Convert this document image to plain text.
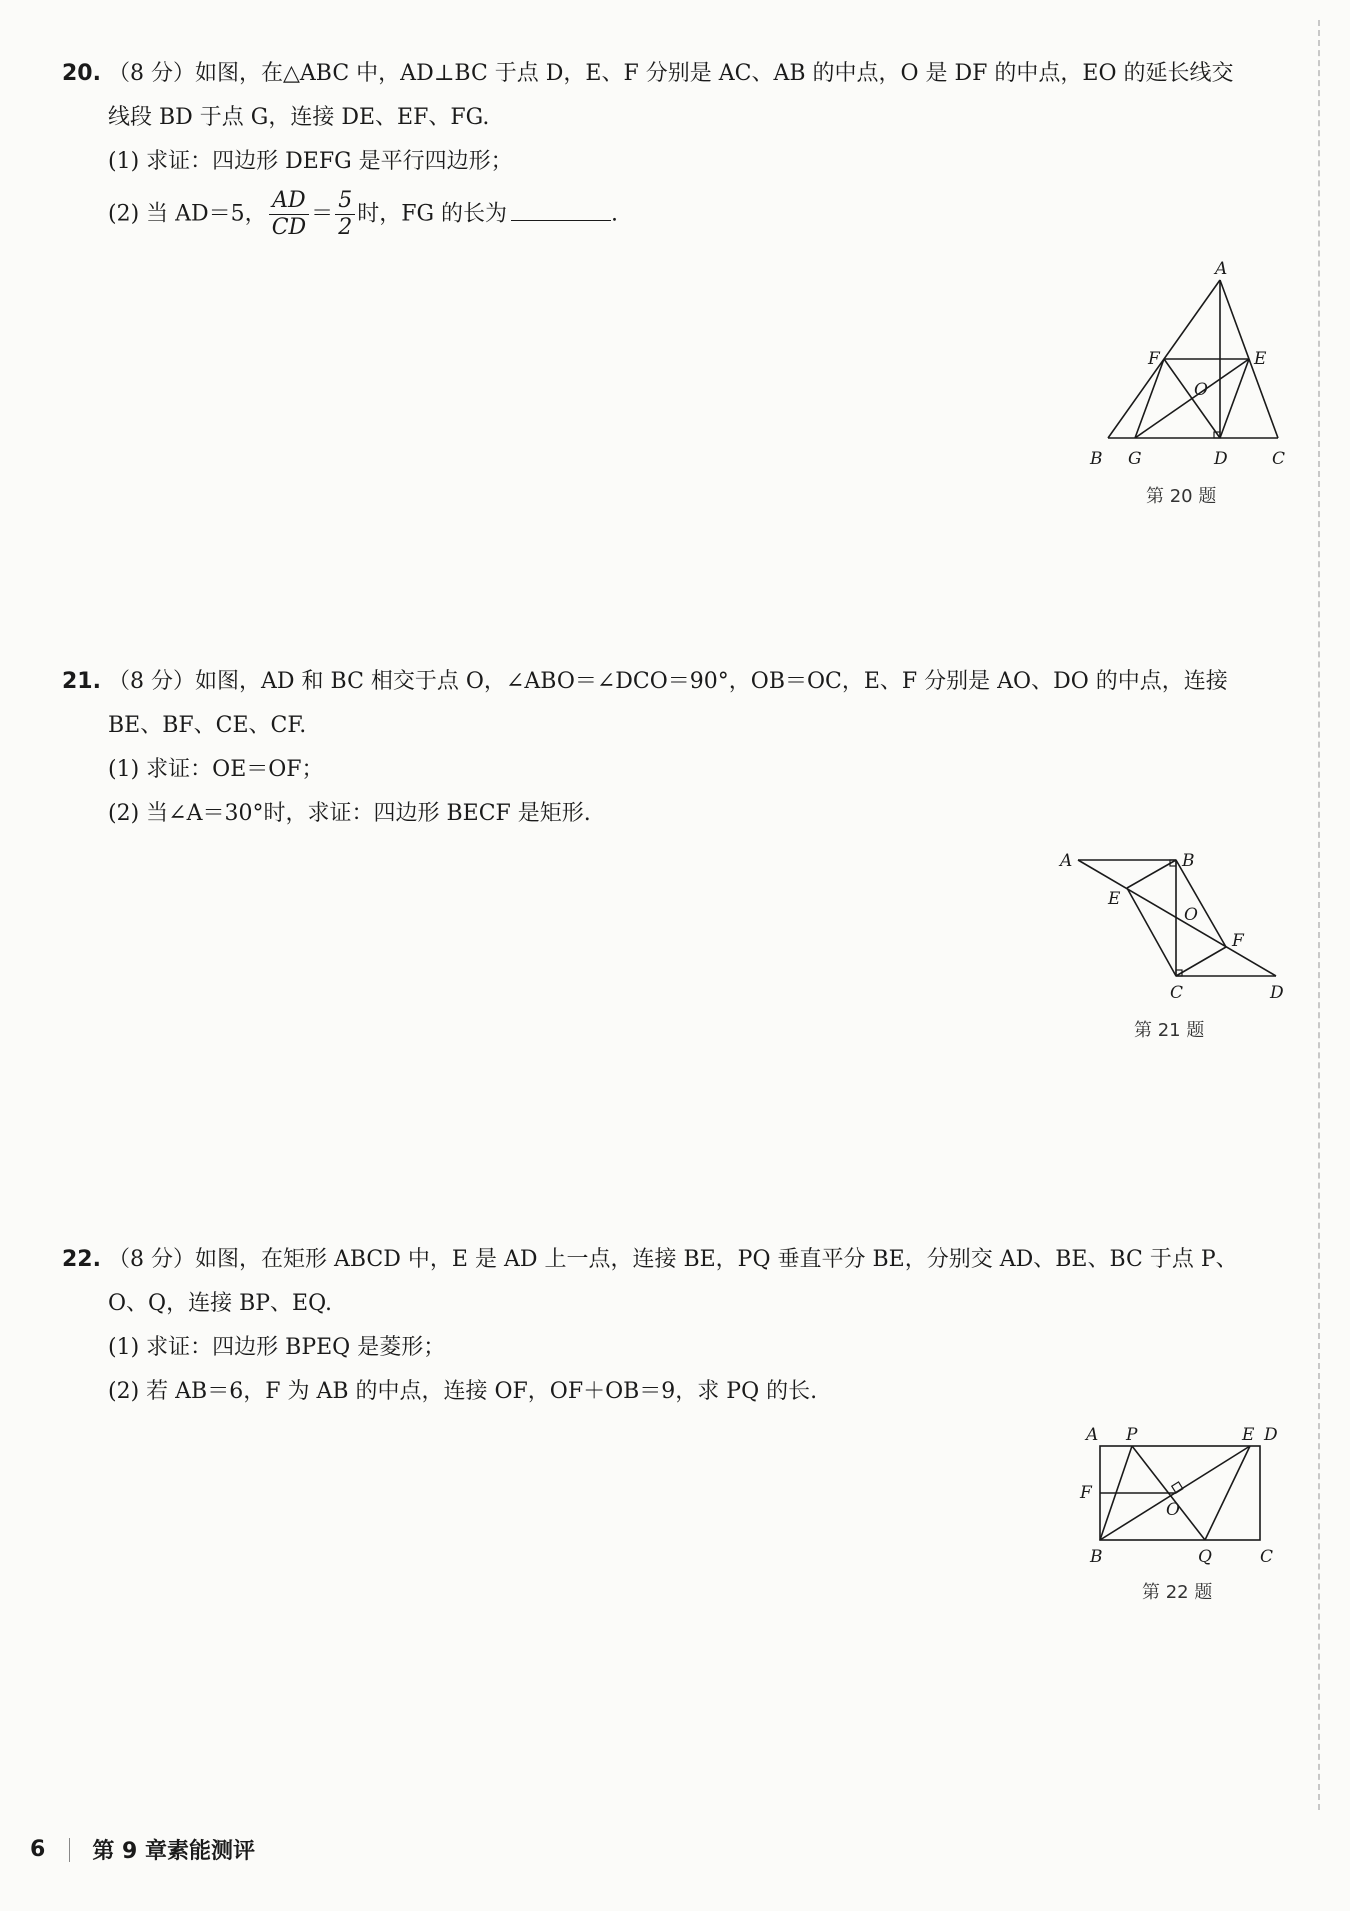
20. （8 分）如图，在△ABC 中，AD⊥BC 于点 D，E、F 分别是 AC、AB 的中点，O 是 DF 的中点，EO 的延长线交
线段 BD 于点 G，连接 DE、EF、FG.
(1) 求证：四边形 DEFG 是平行四边形；
(2) 当 AD＝5， $\frac{AD}{CD} = \frac{5}{2}$ 时，FG 的长为	.
A
B	C
D
E
F
G
O
第 20 题
21. （8 分）如图，AD 和 BC 相交于点 O，∠ABO＝∠DCO＝90°，OB＝OC，E、F 分别是 AO、DO 的中点，连接
BE、BF、CE、CF.
(1) 求证：OE＝OF；
(2) 当∠A＝30°时，求证：四边形 BECF 是矩形.
A	B
C	D
E
F
O
第 21 题
22. （8 分）如图，在矩形 ABCD 中，E 是 AD 上一点，连接 BE，PQ 垂直平分 BE，分别交 AD、BE、BC 于点 P、
O、Q，连接 BP、EQ.
(1) 求证：四边形 BPEQ 是菱形；
(2) 若 AB＝6，F 为 AB 的中点，连接 OF，OF＋OB＝9，求 PQ 的长.
A P	E D
F
O
B	Q	C
第 22 题
6 第 9 章素能测评
